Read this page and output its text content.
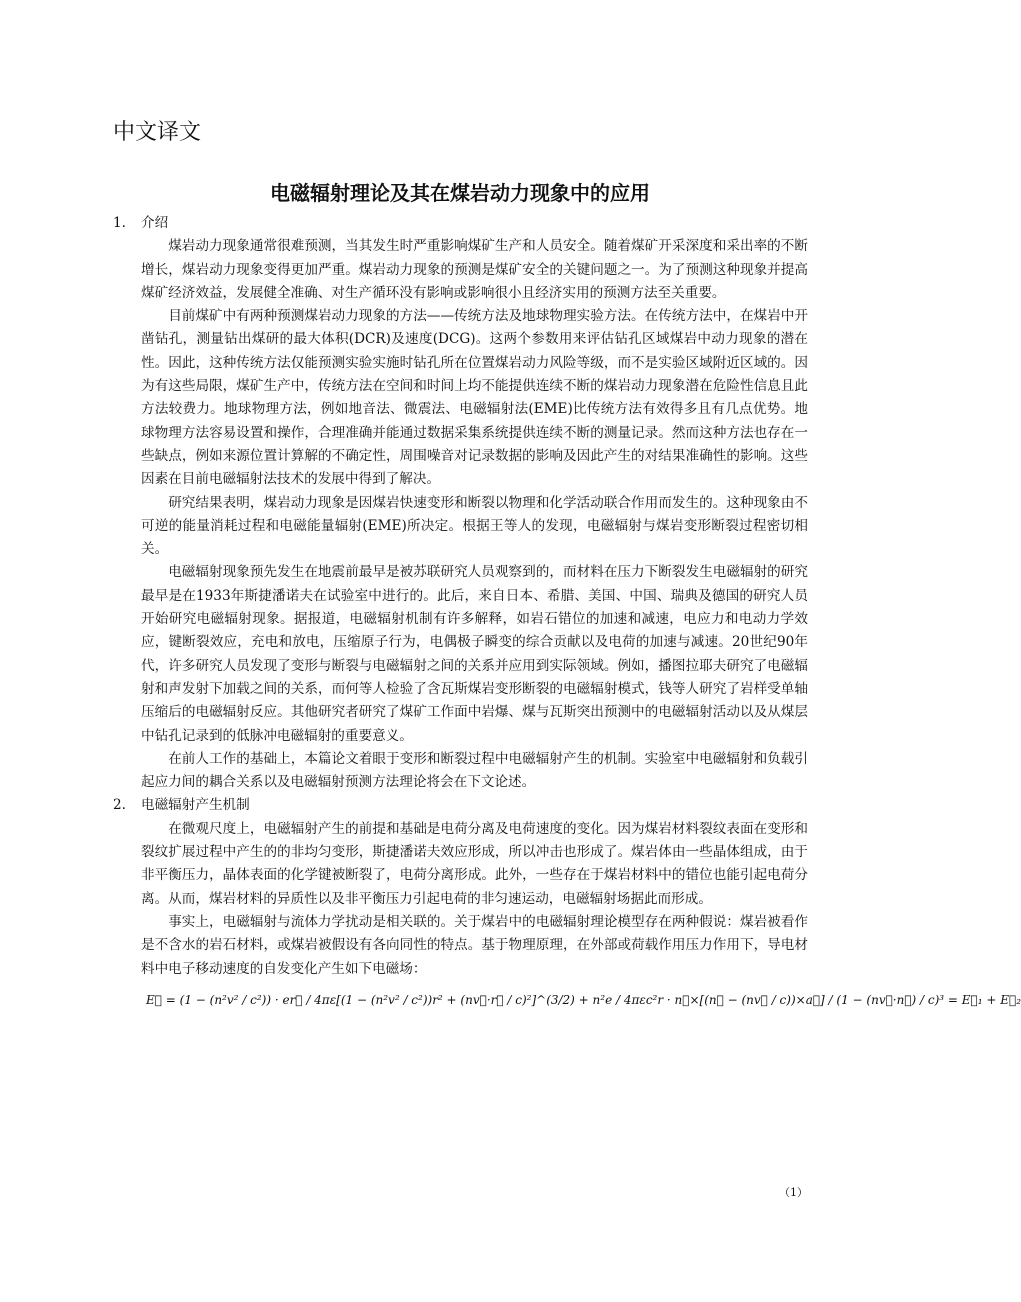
中文译文
电磁辐射理论及其在煤岩动力现象中的应用
1.	介绍

煤岩动力现象通常很难预测，当其发生时严重影响煤矿生产和人员安全。随着煤矿开采深度和采出率的不断增长，煤岩动力现象变得更加严重。煤岩动力现象的预测是煤矿安全的关键问题之一。为了预测这种现象并提高煤矿经济效益，发展健全准确、对生产循环没有影响或影响很小且经济实用的预测方法至关重要。

目前煤矿中有两种预测煤岩动力现象的方法——传统方法及地球物理实验方法。在传统方法中，在煤岩中开凿钻孔，测量钻出煤研的最大体积(DCR)及速度(DCG)。这两个参数用来评估钻孔区域煤岩中动力现象的潜在性。因此，这种传统方法仅能预测实验实施时钻孔所在位置煤岩动力风险等级，而不是实验区域附近区域的。因为有这些局限，煤矿生产中，传统方法在空间和时间上均不能提供连续不断的煤岩动力现象潜在危险性信息且此方法较费力。地球物理方法，例如地音法、微震法、电磁辐射法(EME)比传统方法有效得多且有几点优势。地球物理方法容易设置和操作，合理准确并能通过数据采集系统提供连续不断的测量记录。然而这种方法也存在一些缺点，例如来源位置计算解的不确定性，周围噪音对记录数据的影响及因此产生的对结果准确性的影响。这些因素在目前电磁辐射法技术的发展中得到了解决。

研究结果表明，煤岩动力现象是因煤岩快速变形和断裂以物理和化学活动联合作用而发生的。这种现象由不可逆的能量消耗过程和电磁能量辐射(EME)所决定。根据王等人的发现，电磁辐射与煤岩变形断裂过程密切相关。

电磁辐射现象预先发生在地震前最早是被苏联研究人员观察到的，而材料在压力下断裂发生电磁辐射的研究最早是在1933年斯捷潘诺夫在试验室中进行的。此后，来自日本、希腊、美国、中国、瑞典及德国的研究人员开始研究电磁辐射现象。据报道，电磁辐射机制有许多解释，如岩石错位的加速和减速，电应力和电动力学效应，键断裂效应，充电和放电，压缩原子行为，电偶极子瞬变的综合贡献以及电荷的加速与减速。20世纪90年代，许多研究人员发现了变形与断裂与电磁辐射之间的关系并应用到实际领域。例如，播图拉耶夫研究了电磁辐射和声发射下加载之间的关系，而何等人检验了含瓦斯煤岩变形断裂的电磁辐射模式，钱等人研究了岩样受单轴压缩后的电磁辐射反应。其他研究者研究了煤矿工作面中岩爆、煤与瓦斯突出预测中的电磁辐射活动以及从煤层中钻孔记录到的低脉冲电磁辐射的重要意义。

在前人工作的基础上，本篇论文着眼于变形和断裂过程中电磁辐射产生的机制。实验室中电磁辐射和负载引起应力间的耦合关系以及电磁辐射预测方法理论将会在下文论述。

2.	电磁辐射产生机制

在微观尺度上，电磁辐射产生的前提和基础是电荷分离及电荷速度的变化。因为煤岩材料裂纹表面在变形和裂纹扩展过程中产生的的非均匀变形，斯捷潘诺夫效应形成，所以冲击也形成了。煤岩体由一些晶体组成，由于非平衡压力，晶体表面的化学键被断裂了，电荷分离形成。此外，一些存在于煤岩材料中的错位也能引起电荷分离。从而，煤岩材料的异质性以及非平衡压力引起电荷的非匀速运动，电磁辐射场据此而形成。

事实上，电磁辐射与流体力学扰动是相关联的。关于煤岩中的电磁辐射理论模型存在两种假说：煤岩被看作是不含水的岩石材料，或煤岩被假设有各向同性的特点。基于物理原理，在外部或荷载作用压力作用下，导电材料中电子移动速度的自发变化产生如下电磁场：

E⃗ = (1 − (n²v² / c²)) · er⃗ / 4πε[(1 − (n²v² / c²))r² + (nv⃗·r⃗ / c)²]^(3/2) + n²e / 4πεc²r · n⃗×[(n⃗ − (nv⃗ / c))×a⃗] / (1 − (nv⃗·n⃗) / c)³ = E⃗₁ + E⃗₂
（1）
